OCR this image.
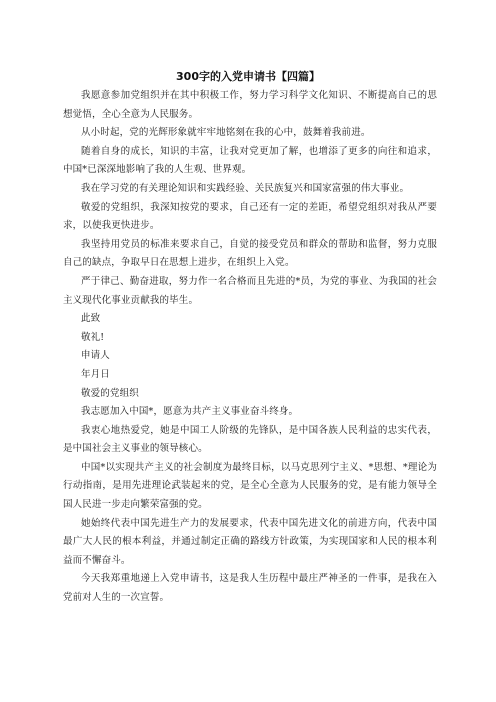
300字的入党申请书【四篇】

我愿意参加党组织并在其中积极工作，努力学习科学文化知识、不断提高自己的思想觉悟，全心全意为人民服务。

从小时起，党的光辉形象就牢牢地铭刻在我的心中，鼓舞着我前进。

随着自身的成长，知识的丰富，让我对党更加了解，也增添了更多的向往和追求，中国*已深深地影响了我的人生观、世界观。

我在学习党的有关理论知识和实践经验、关民族复兴和国家富强的伟大事业。

敬爱的党组织，我深知按党的要求，自己还有一定的差距，希望党组织对我从严要求，以使我更快进步。

我坚持用党员的标准来要求自己，自觉的接受党员和群众的帮助和监督，努力克服自己的缺点，争取早日在思想上进步，在组织上入党。

严于律己、勤奋进取，努力作一名合格而且先进的*员，为党的事业、为我国的社会主义现代化事业贡献我的毕生。

此致

敬礼!

申请人

年月日

敬爱的党组织

我志愿加入中国*，愿意为共产主义事业奋斗终身。

我衷心地热爱党，她是中国工人阶级的先锋队，是中国各族人民利益的忠实代表，是中国社会主义事业的领导核心。

中国*以实现共产主义的社会制度为最终目标，以马克思列宁主义、*思想、*理论为行动指南，是用先进理论武装起来的党，是全心全意为人民服务的党，是有能力领导全国人民进一步走向繁荣富强的党。

她始终代表中国先进生产力的发展要求，代表中国先进文化的前进方向，代表中国最广大人民的根本利益，并通过制定正确的路线方针政策，为实现国家和人民的根本利益而不懈奋斗。

今天我郑重地递上入党申请书，这是我人生历程中最庄严神圣的一件事，是我在入党前对人生的一次宣誓。
